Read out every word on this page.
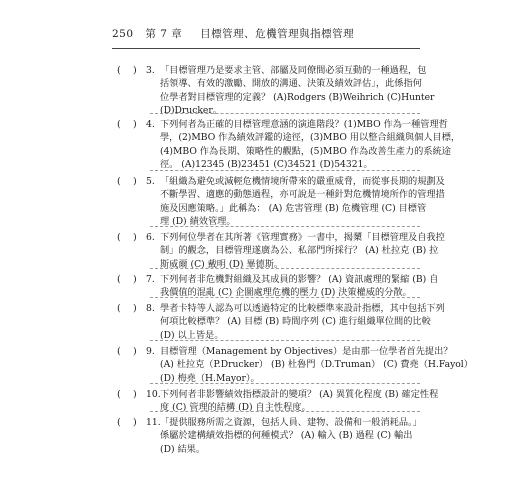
250 第 7 章 目標管理、危機管理與指標管理
( ) 3. 「目標管理乃是要求主管、部屬及同僚間必須互動的一種過程，包
括領導、有效的激勵、開放的溝通、決策及績效評估」，此係指何
位學者對目標管理的定義？ (A)Rodgers (B)Weihrich (C)Hunter
(D)Drucker。
( ) 4. 下列何者為正確的目標管理意涵的演進階段？(1)MBO 作為一種管理哲
學，(2)MBO 作為績效評鑑的途徑，(3)MBO 用以整合組織與個人目標，
(4)MBO 作為長期、策略性的觀點，(5)MBO 作為改善生產力的系統途
徑。 (A)12345 (B)23451 (C)34521 (D)54321。
( ) 5. 「組織為避免或減輕危機情境所帶來的嚴重威脅，而從事長期的規劃及
不斷學習、適應的動態過程，亦可說是一種針對危機情境所作的管理措
施及因應策略。」此稱為： (A) 危害管理 (B) 危機管理 (C) 目標管
理 (D) 績效管理。
( ) 6. 下列何位學者在其所著《管理實務》一書中，揭櫫「目標管理及自我控
制」的觀念，目標管理遂廣為公、私部門所採行？ (A) 杜拉克 (B) 拉
斯威爾 (C) 戴明 (D) 畢德斯。
( ) 7. 下列何者非危機對組織及其成員的影響？ (A) 資訊處理的緊縮 (B) 自
我價值的混亂 (C) 企圖處理危機的壓力 (D) 決策權威的分散。
( ) 8. 學者卡特等人認為可以透過特定的比較標準來設計指標，其中包括下列
何項比較標準？ (A) 目標 (B) 時間序列 (C) 進行組織單位間的比較
(D) 以上皆是。
( ) 9. 目標管理（Management by Objectives）是由那一位學者首先提出？
(A) 杜拉克（P.Drucker） (B) 杜魯門（D.Truman） (C) 費堯（H.Fayol）
(D) 梅堯（H.Mayor）。
( ) 10. 下列何者非影響績效指標設計的變項？ (A) 異質化程度 (B) 確定性程
度 (C) 管理的結構 (D) 自主性程度。
( ) 11. 「提供服務所需之資源，包括人員、建物、設備和一般消耗品。」
係屬於建構績效指標的何種模式？ (A) 輸入 (B) 過程 (C) 輸出
(D) 結果。
